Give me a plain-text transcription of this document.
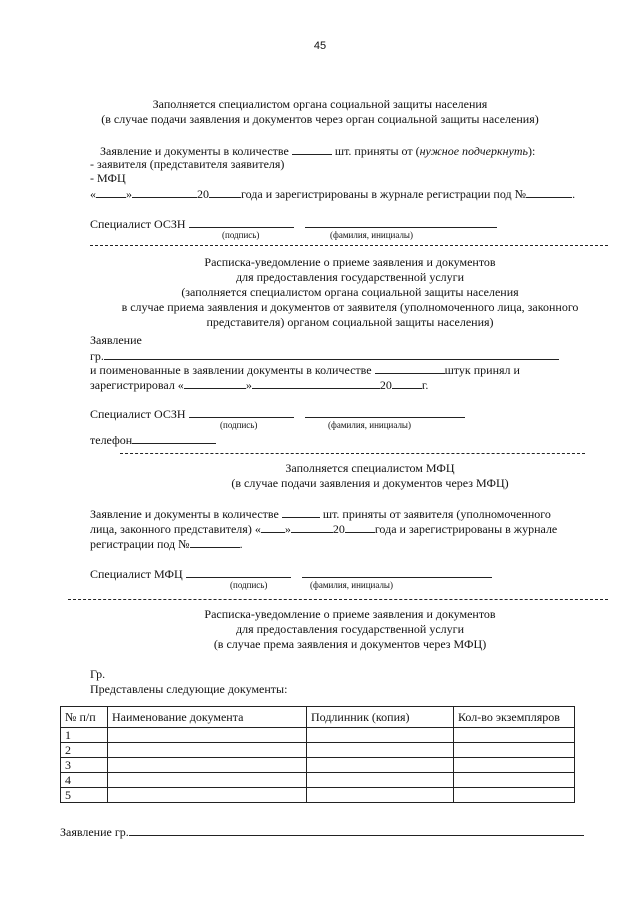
45
Заполняется специалистом органа социальной защиты населения
(в случае подачи заявления и документов через орган социальной защиты населения)
Заявление и документы в количестве	шт. приняты от (нужное подчеркнуть):
- заявителя (представителя заявителя)
- МФЦ
«	»	20	года и зарегистрированы в журнале регистрации под №	.
Специалист ОСЗН
(подпись)	(фамилия, инициалы)
Расписка-уведомление о приеме заявления и документов
для предоставления государственной услуги
(заполняется специалистом органа социальной защиты населения
в случае приема заявления и документов от заявителя (уполномоченного лица, законного
представителя) органом социальной защиты населения)
Заявление
гр.
и поименованные в заявлении документы в количестве	штук принял и
зарегистрировал «	»	20	г.
Специалист ОСЗН
(подпись)	(фамилия, инициалы)
телефон
Заполняется специалистом МФЦ
(в случае подачи заявления и документов через МФЦ)
Заявление и документы в количестве	шт. приняты от заявителя (уполномоченного
лица, законного представителя) « »	20	года и зарегистрированы в журнале
регистрации под №	.
Специалист МФЦ
(подпись)	(фамилия, инициалы)
Расписка-уведомление о приеме заявления и документов
для предоставления государственной услуги
(в случае према заявления и документов через МФЦ)
Гр.
Представлены следующие документы:
№ п/п	Наименование документа	Подлинник (копия)	Кол-во экземпляров
1			
2			
3			
4			
5			
Заявление гр.
